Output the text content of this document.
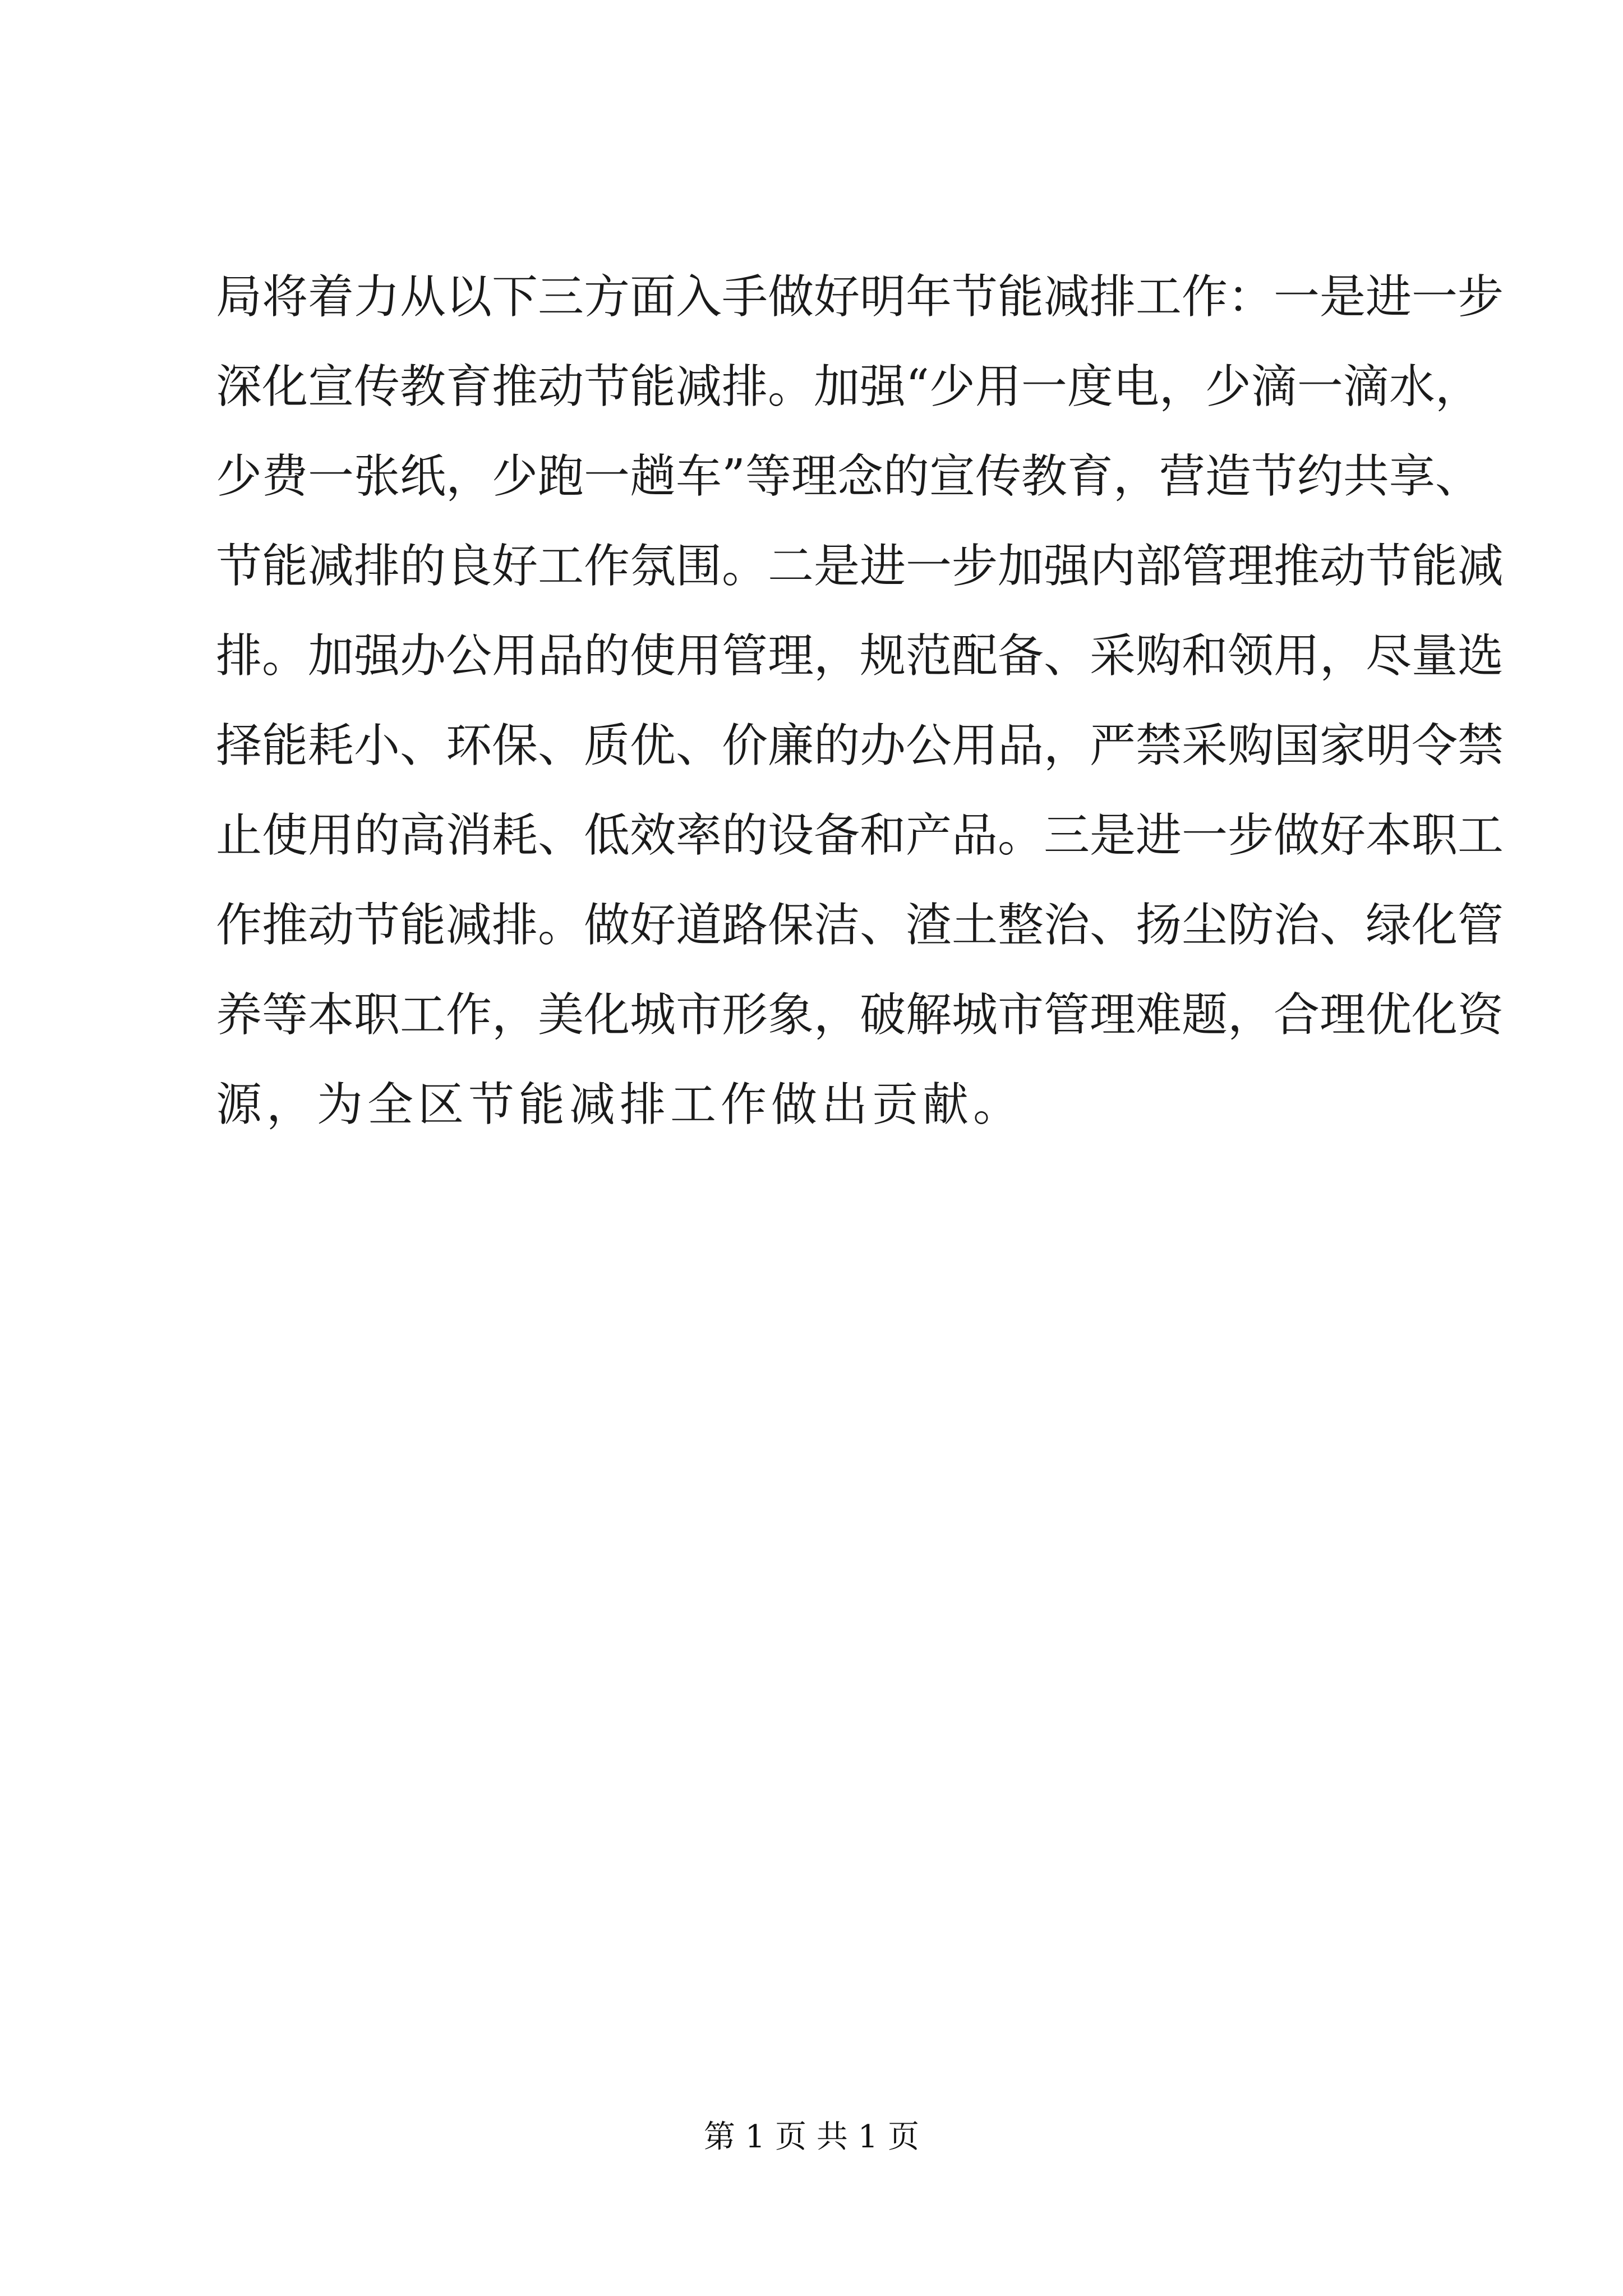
局将着力从以下三方面入手做好明年节能减排工作：一是进一步
深化宣传教育推动节能减排。加强“少用一度电，少滴一滴水，
少费一张纸，少跑一趟车”等理念的宣传教育，营造节约共享、
节能减排的良好工作氛围。二是进一步加强内部管理推动节能减
排。加强办公用品的使用管理，规范配备、采购和领用，尽量选
择能耗小、环保、质优、价廉的办公用品，严禁采购国家明令禁
止使用的高消耗、低效率的设备和产品。三是进一步做好本职工
作推动节能减排。做好道路保洁、渣土整治、扬尘防治、绿化管
养等本职工作，美化城市形象，破解城市管理难题，合理优化资
源，为全区节能减排工作做出贡献。
第 1 页 共 1 页
